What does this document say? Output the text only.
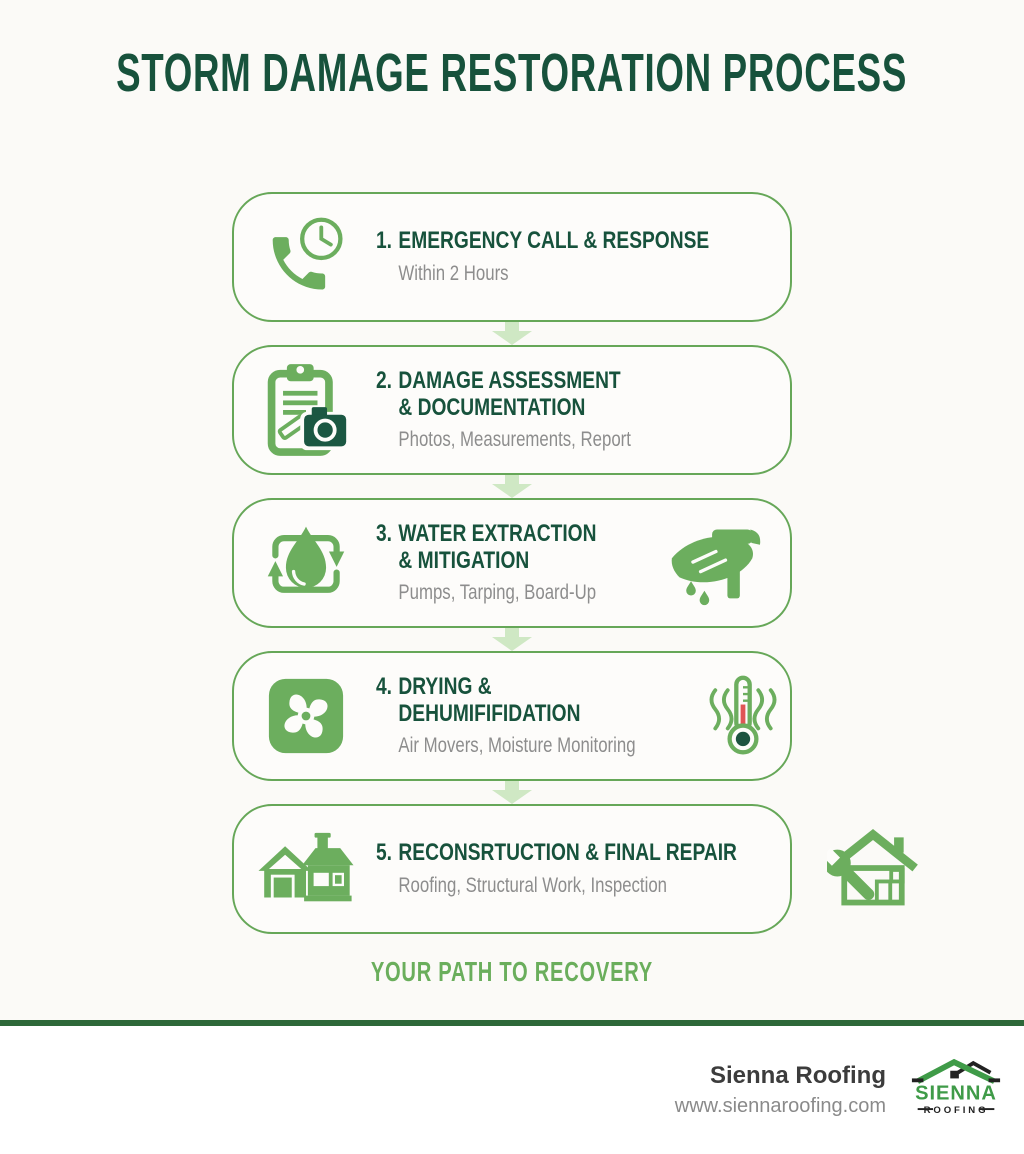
STORM DAMAGE RESTORATION PROCESS
1. EMERGENCY CALL & RESPONSE
Within 2 Hours
2. DAMAGE ASSESSMENT
& DOCUMENTATION
Photos, Measurements, Report
3. WATER EXTRACTION
& MITIGATION
Pumps, Tarping, Board-Up
4. DRYING &
DEHUMIFIFIDATION
Air Movers, Moisture Monitoring
5. RECONSRTUCTION & FINAL REPAIR
Roofing, Structural Work, Inspection
YOUR PATH TO RECOVERY
Sienna Roofing
www.siennaroofing.com
SIENNA
ROOFING
